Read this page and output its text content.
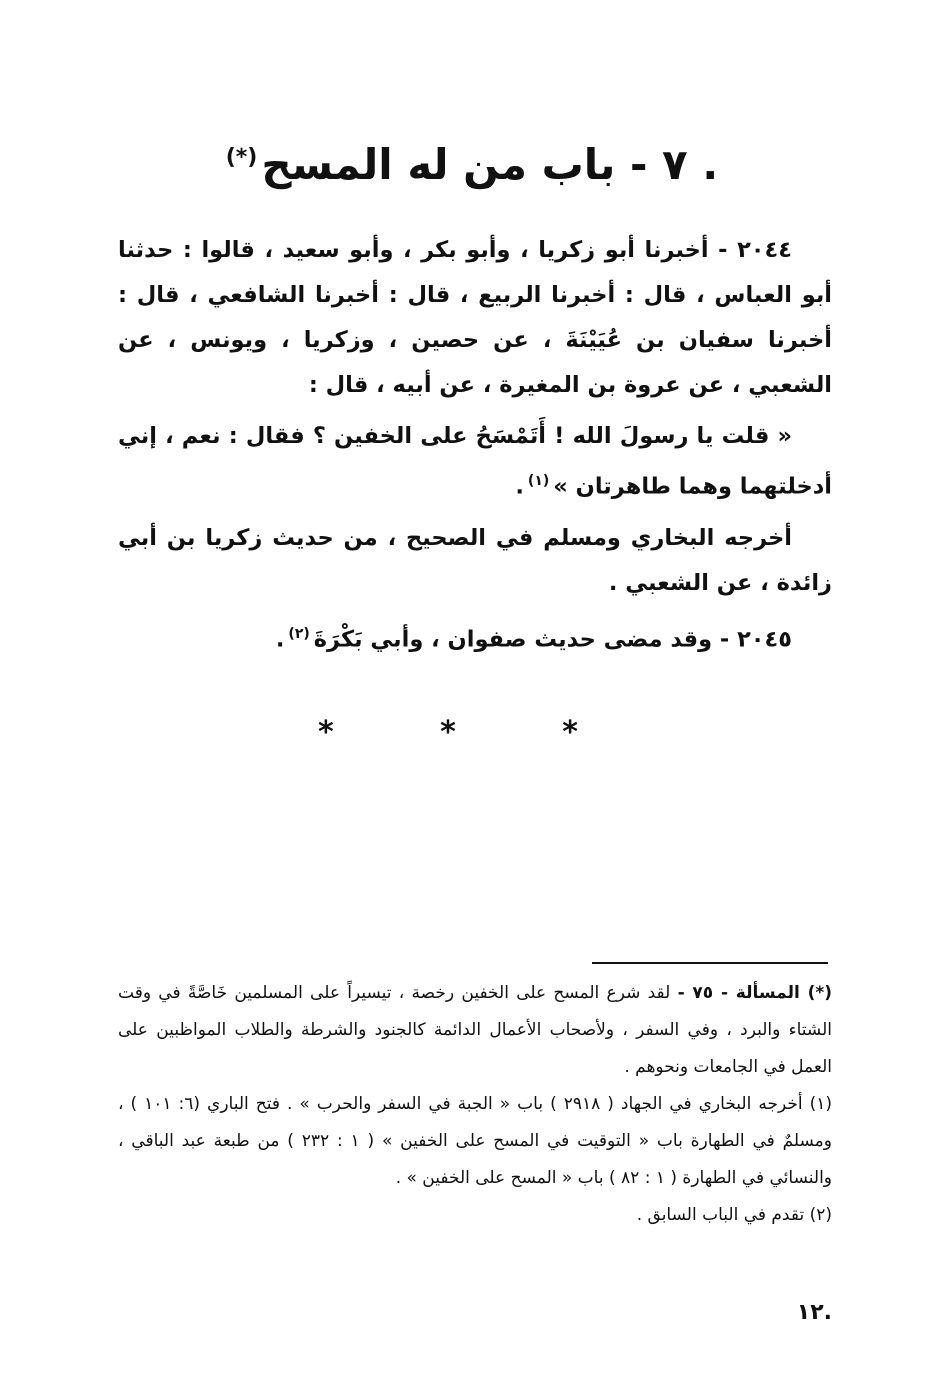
. ٧ - باب من له المسح(*)

٢٠٤٤ - أخبرنا أبو زكريا ، وأبو بكر ، وأبو سعيد ، قالوا : حدثنا أبو العباس ، قال : أخبرنا الربيع ، قال : أخبرنا الشافعي ، قال : أخبرنا سفيان بن عُيَيْنَةَ ، عن حصين ، وزكريا ، ويونس ، عن الشعبي ، عن عروة بن المغيرة ، عن أبيه ، قال :

« قلت يا رسولَ الله ! أَتَمْسَحُ على الخفين ؟ فقال : نعم ، إني أدخلتهما وهما طاهرتان »$^{(١)}$.

أخرجه البخاري ومسلم في الصحيح ، من حديث زكريا بن أبي زائدة ، عن الشعبي .

٢٠٤٥ - وقد مضى حديث صفوان ، وأبي بَكْرَةَ$^{(٢)}$.

* * *

(*) المسألة - ٧٥ - لقد شرع المسح على الخفين رخصة ، تيسيراً على المسلمين خَاصَّةً في وقت الشتاء والبرد ، وفي السفر ، ولأصحاب الأعمال الدائمة كالجنود والشرطة والطلاب المواظبين على العمل في الجامعات ونحوهم .

(١) أخرجه البخاري في الجهاد ( ٢٩١٨ ) باب « الجبة في السفر والحرب » . فتح الباري (٦: ١٠١ ) ، ومسلمٌ في الطهارة باب « التوقيت في المسح على الخفين » ( ١ : ٢٣٢ ) من طبعة عبد الباقي ، والنسائي في الطهارة ( ١ : ٨٢ ) باب « المسح على الخفين » .

(٢) تقدم في الباب السابق .

.١٢
